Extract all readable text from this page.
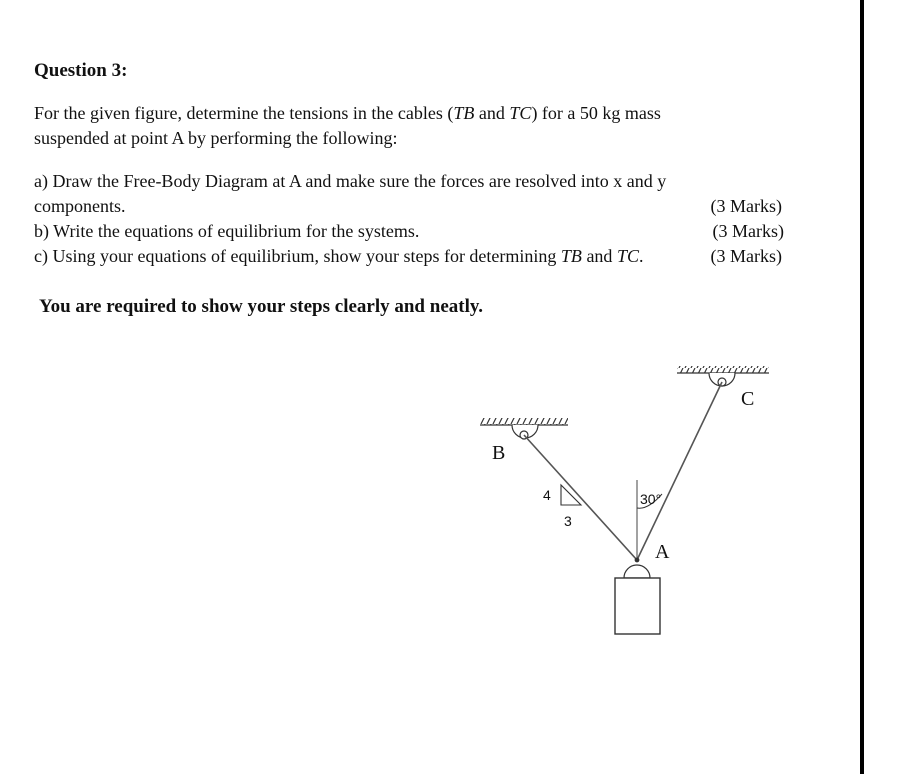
Question 3:

For the given figure, determine the tensions in the cables (TB and TC) for a 50 kg mass
suspended at point A by performing the following:

a) Draw the Free-Body Diagram at A and make sure the forces are resolved into x and y

components.	(3 Marks)

b) Write the equations of equilibrium for the systems.	(3 Marks)

c) Using your equations of equilibrium, show your steps for determining TB and TC.	(3 Marks)

You are required to show your steps clearly and neatly.

B
C
A
4
3
30°
